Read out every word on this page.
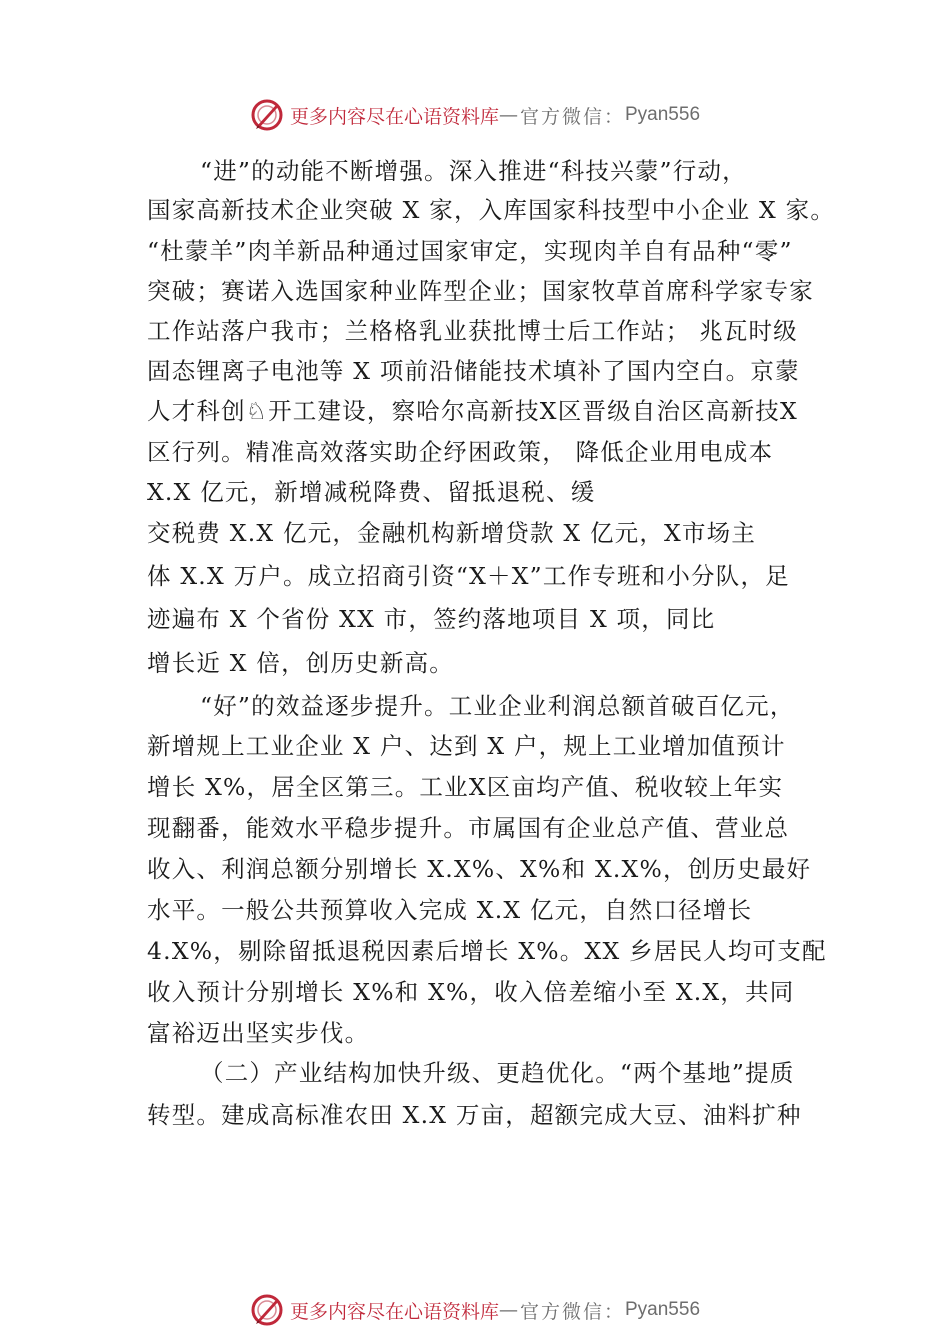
更多内容尽在心语资料库 — 官方微信： Pyan556
“进”的动能不断增强。深入推进“科技兴蒙”行动，
国家高新技术企业突破 X 家，入库国家科技型中小企业 X 家。
“杜蒙羊”肉羊新品种通过国家审定，实现肉羊自有品种“零”
突破；赛诺入选国家种业阵型企业；国家牧草首席科学家专家
工作站落户我市；兰格格乳业获批博士后工作站； 兆瓦时级
固态锂离子电池等 X 项前沿储能技术填补了国内空白。京蒙
人才科创♘开工建设，察哈尔高新技Ⅹ区晋级自治区高新技Ⅹ
区行列。精准高效落实助企纾困政策， 降低企业用电成本
X.X 亿元，新增减税降费、留抵退税、缓
交税费 X.X 亿元，金融机构新增贷款 X 亿元，Ⅹ市场主
体 X.X 万户。成立招商引资“X＋X”工作专班和小分队，足
迹遍布 X 个省份 XX 市，签约落地项目 X 项，同比
增长近 X 倍，创历史新高。
“好”的效益逐步提升。工业企业利润总额首破百亿元，
新增规上工业企业 X 户、达到 X 户，规上工业增加值预计
增长 X%，居全区第三。工业Ⅹ区亩均产值、税收较上年实
现翻番，能效水平稳步提升。市属国有企业总产值、营业总
收入、利润总额分别增长 X.X%、X%和 X.X%，创历史最好
水平。一般公共预算收入完成 X.X 亿元，自然口径增长
4.X%，剔除留抵退税因素后增长 X%。XX 乡居民人均可支配
收入预计分别增长 X%和 X%，收入倍差缩小至 X.X，共同
富裕迈出坚实步伐。
（二）产业结构加快升级、更趋优化。“两个基地”提质
转型。建成高标准农田 X.X 万亩，超额完成大豆、油料扩种
更多内容尽在心语资料库 — 官方微信： Pyan556
